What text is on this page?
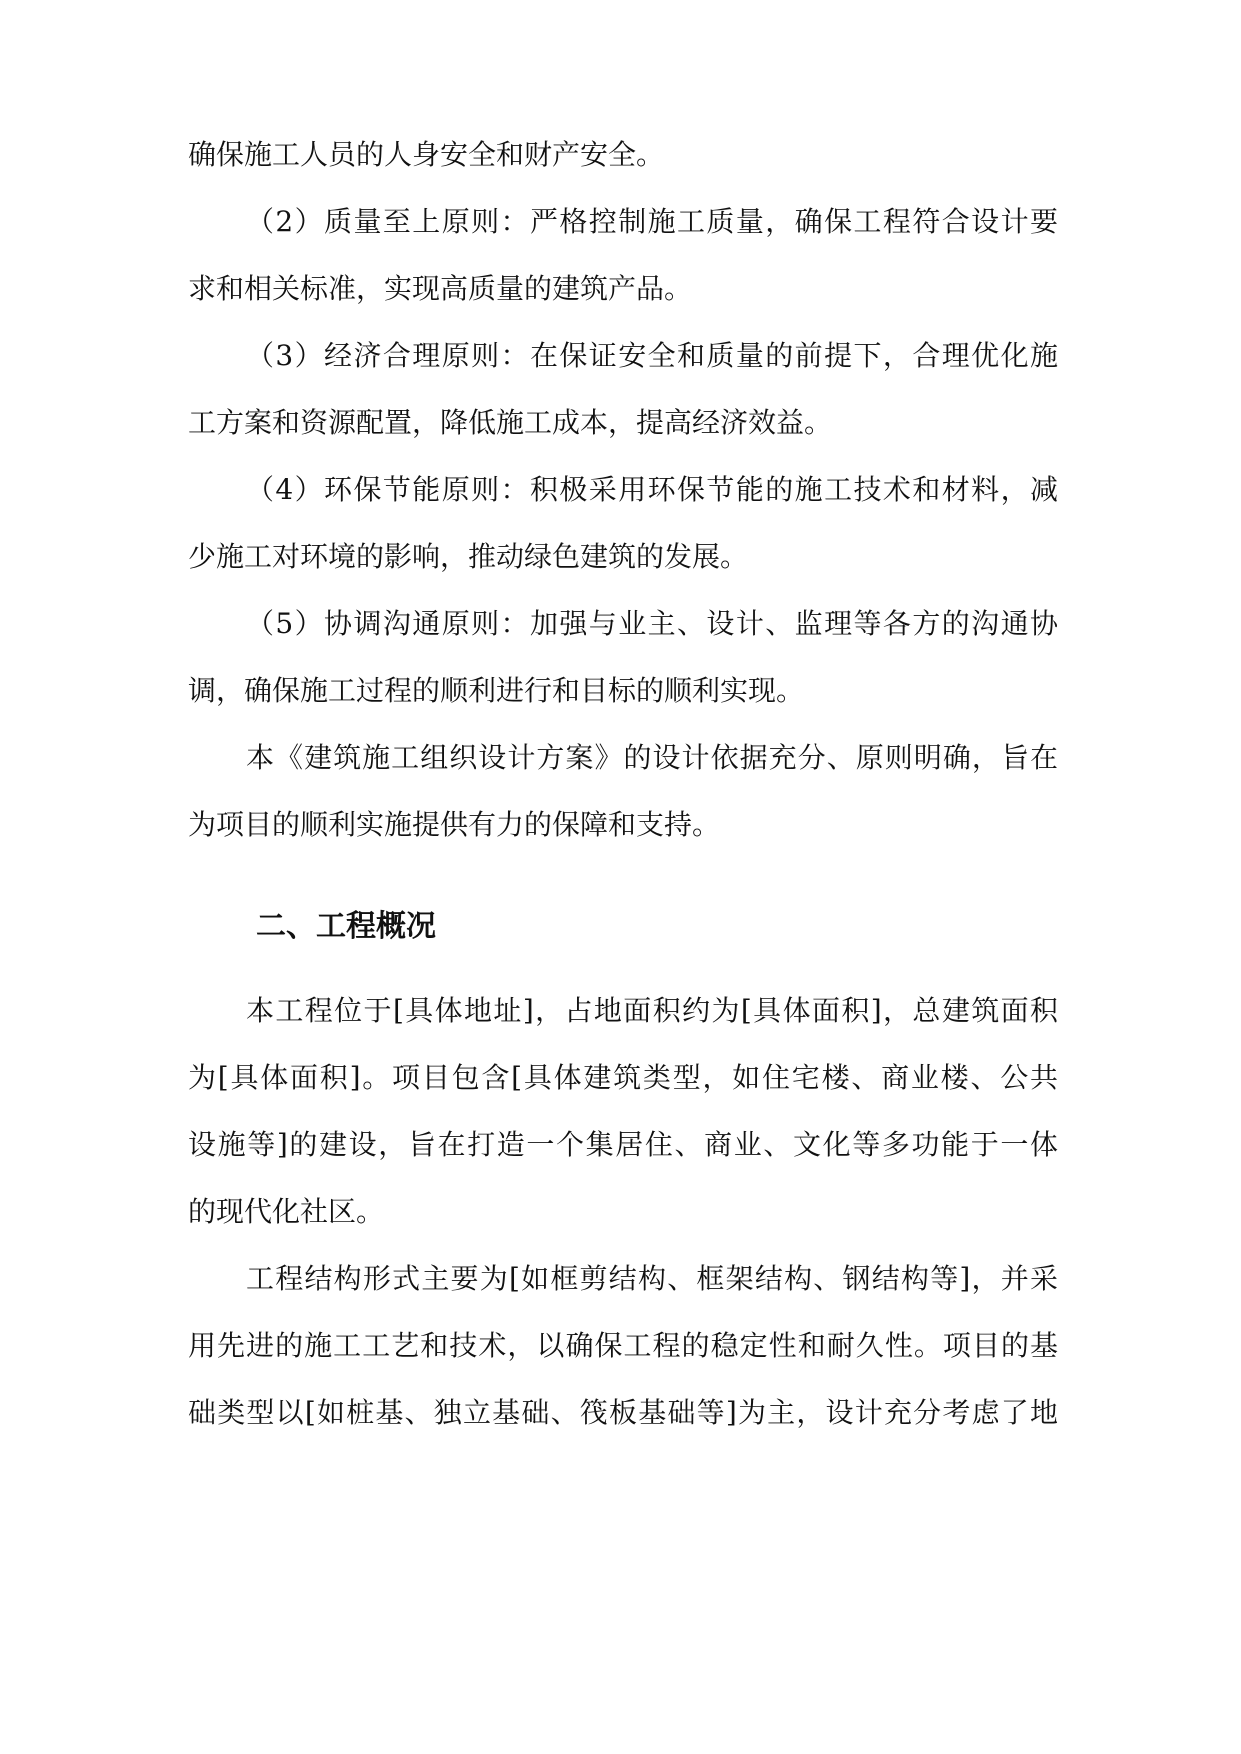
确保施工人员的人身安全和财产安全。
（2）质量至上原则：严格控制施工质量，确保工程符合设计要
求和相关标准，实现高质量的建筑产品。
（3）经济合理原则：在保证安全和质量的前提下，合理优化施
工方案和资源配置，降低施工成本，提高经济效益。
（4）环保节能原则：积极采用环保节能的施工技术和材料，减
少施工对环境的影响，推动绿色建筑的发展。
（5）协调沟通原则：加强与业主、设计、监理等各方的沟通协
调，确保施工过程的顺利进行和目标的顺利实现。
本《建筑施工组织设计方案》的设计依据充分、原则明确，旨在
为项目的顺利实施提供有力的保障和支持。
二、工程概况
本工程位于[具体地址]，占地面积约为[具体面积]，总建筑面积
为[具体面积]。项目包含[具体建筑类型，如住宅楼、商业楼、公共
设施等]的建设，旨在打造一个集居住、商业、文化等多功能于一体
的现代化社区。
工程结构形式主要为[如框剪结构、框架结构、钢结构等]，并采
用先进的施工工艺和技术，以确保工程的稳定性和耐久性。项目的基
础类型以[如桩基、独立基础、筏板基础等]为主，设计充分考虑了地
